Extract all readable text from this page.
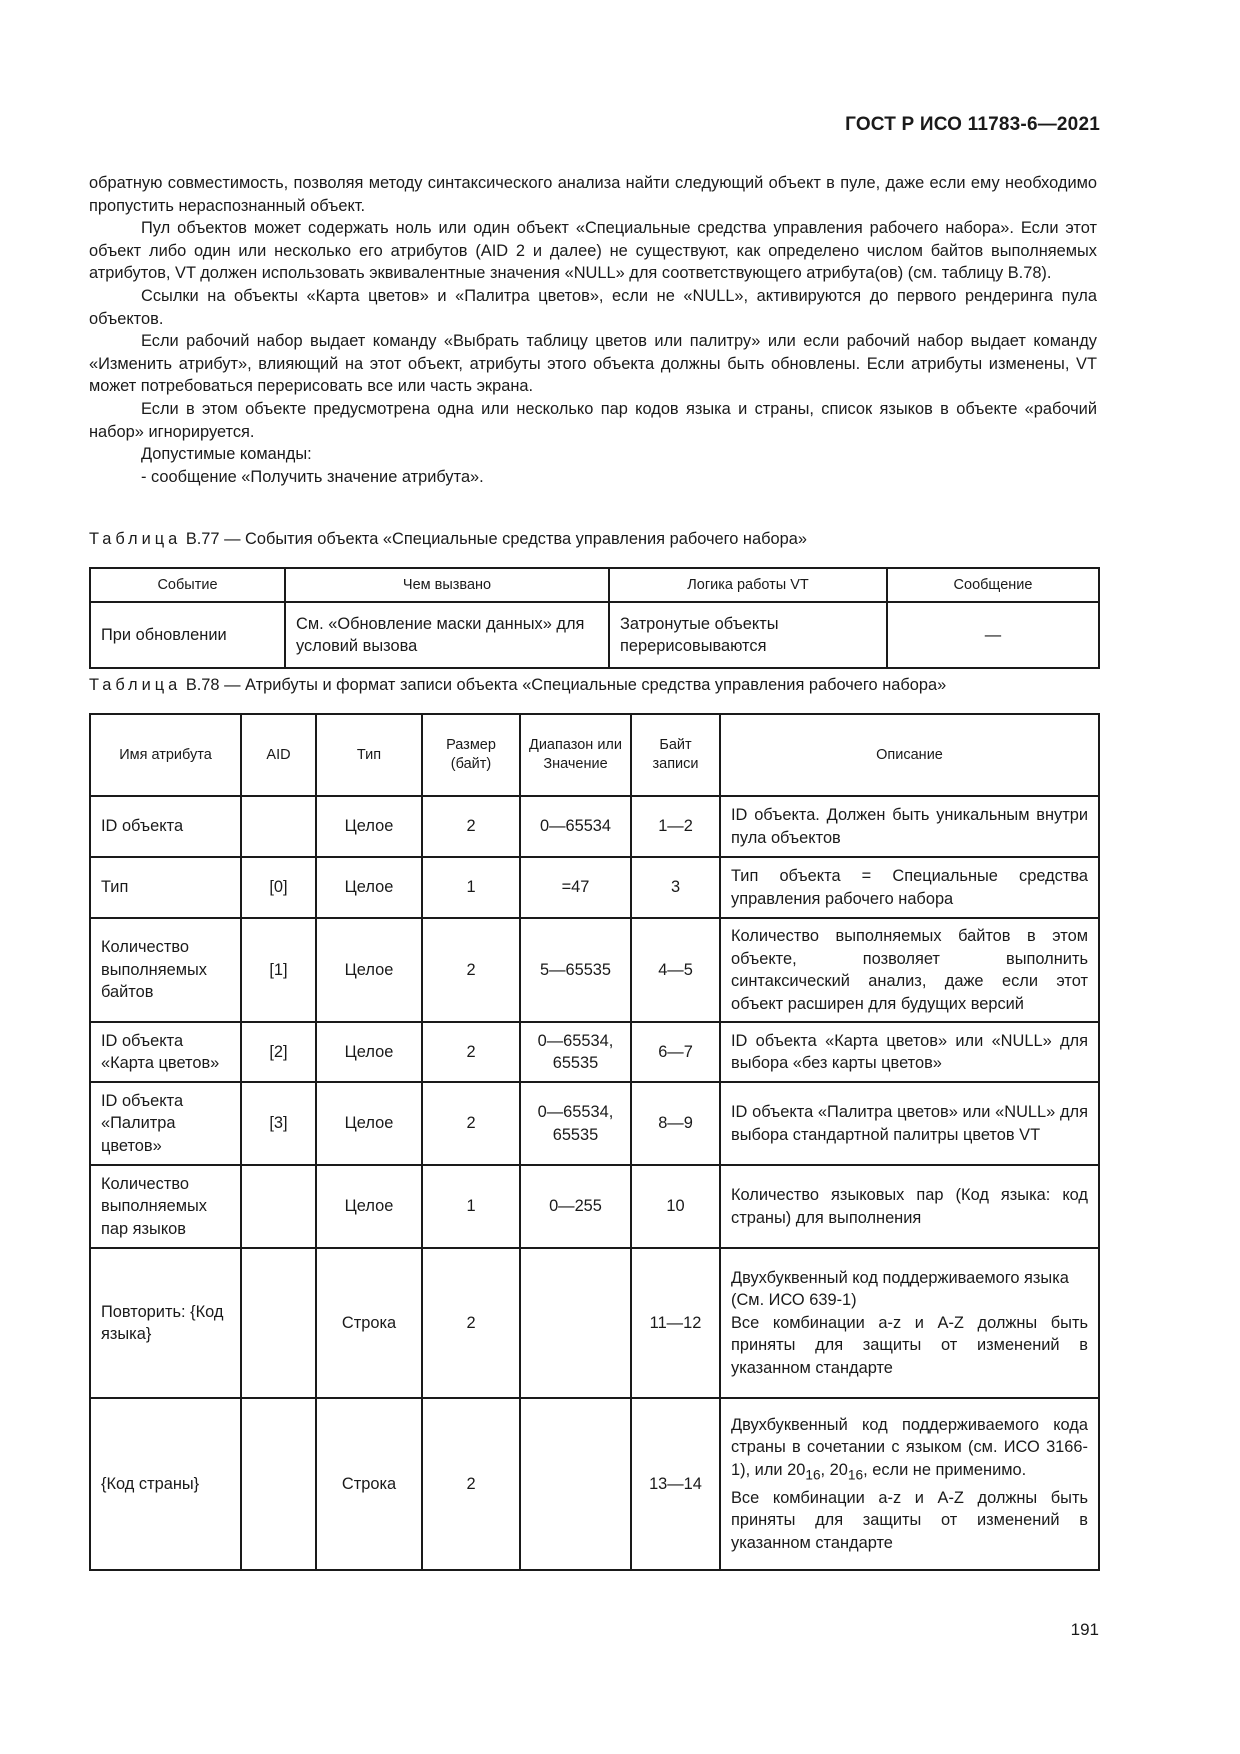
ГОСТ Р ИСО 11783-6—2021

обратную совместимость, позволяя методу синтаксического анализа найти следующий объект в пуле, даже если ему необходимо пропустить нераспознанный объект.

Пул объектов может содержать ноль или один объект «Специальные средства управления рабочего набора». Если этот объект либо один или несколько его атрибутов (AID 2 и далее) не существуют, как определено числом байтов выполняемых атрибутов, VT должен использовать эквивалентные значения «NULL» для соответствующего атрибута(ов) (см. таблицу В.78).

Ссылки на объекты «Карта цветов» и «Палитра цветов», если не «NULL», активируются до первого рендеринга пула объектов.

Если рабочий набор выдает команду «Выбрать таблицу цветов или палитру» или если рабочий набор выдает команду «Изменить атрибут», влияющий на этот объект, атрибуты этого объекта должны быть обновлены. Если атрибуты изменены, VT может потребоваться перерисовать все или часть экрана.

Если в этом объекте предусмотрена одна или несколько пар кодов языка и страны, список языков в объекте «рабочий набор» игнорируется.

Допустимые команды:

- сообщение «Получить значение атрибута».

Таблица В.77 — События объекта «Специальные средства управления рабочего набора»
Событие	Чем вызвано	Логика работы VT	Сообщение
При обновлении	См. «Обновление маски данных» для условий вызова	Затронутые объекты перерисовываются	—
Таблица В.78 — Атрибуты и формат записи объекта «Специальные средства управления рабочего набора»
Имя атрибута	AID	Тип	Размер (байт)	Диапазон или Значение	Байт записи	Описание
ID объекта		Целое	2	0—65534	1—2	ID объекта. Должен быть уникальным внутри пула объектов
Тип	[0]	Целое	1	=47	3	Тип объекта = Специальные средства управления рабочего набора
Количество выполняемых байтов	[1]	Целое	2	5—65535	4—5	Количество выполняемых байтов в этом объекте, позволяет выполнить синтаксический анализ, даже если этот объект расширен для будущих версий
ID объекта «Карта цветов»	[2]	Целое	2	0—65534, 65535	6—7	ID объекта «Карта цветов» или «NULL» для выбора «без карты цветов»
ID объекта «Палитра цветов»	[3]	Целое	2	0—65534, 65535	8—9	ID объекта «Палитра цветов» или «NULL» для выбора стандартной палитры цветов VT
Количество выполняемых пар языков		Целое	1	0—255	10	Количество языковых пар (Код языка: код страны) для выполнения
Повторить: {Код языка}		Строка	2		11—12	Двухбуквенный код поддерживаемого языка
(См. ИСО 639-1)
Все комбинации a-z и A-Z должны быть приняты для защиты от изменений в указанном стандарте
{Код страны}		Строка	2		13—14	Двухбуквенный код поддерживаемого кода страны в сочетании с языком (см. ИСО 3166-1), или $20_{16}$, $20_{16}$, если не применимо.
Все комбинации a-z и A-Z должны быть приняты для защиты от изменений в указанном стандарте
191
